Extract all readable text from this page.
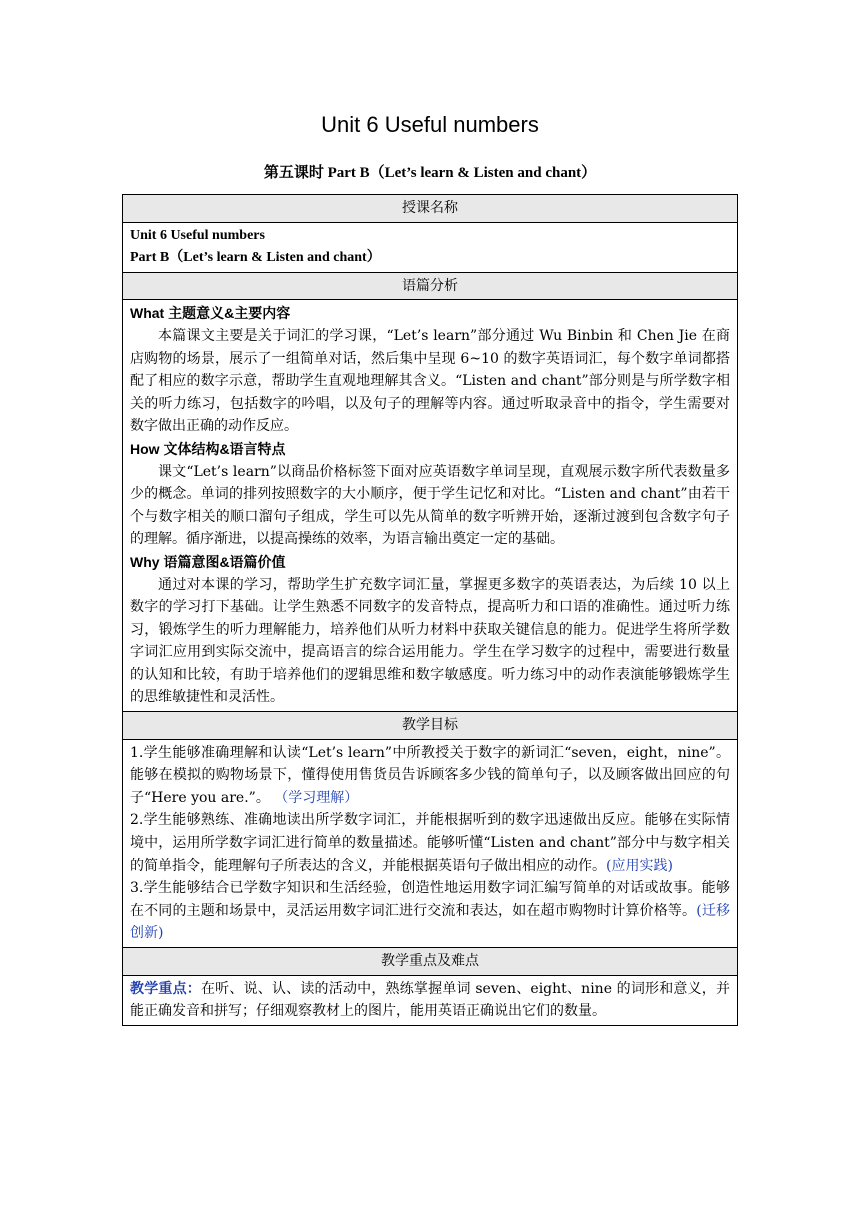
Unit 6 Useful numbers
第五课时 Part B（Let’s learn & Listen and chant）
授课名称

Unit 6 Useful numbers
Part B（Let’s learn & Listen and chant）

语篇分析

What 主题意义&主要内容

本篇课文主要是关于词汇的学习课，“Let’s learn”部分通过 Wu Binbin 和 Chen Jie 在商店购物的场景，展示了一组简单对话，然后集中呈现 6~10 的数字英语词汇，每个数字单词都搭配了相应的数字示意，帮助学生直观地理解其含义。“Listen and chant”部分则是与所学数字相关的听力练习，包括数字的吟唱，以及句子的理解等内容。通过听取录音中的指令，学生需要对数字做出正确的动作反应。

How 文体结构&语言特点

课文“Let’s learn”以商品价格标签下面对应英语数字单词呈现，直观展示数字所代表数量多少的概念。单词的排列按照数字的大小顺序，便于学生记忆和对比。“Listen and chant”由若干个与数字相关的顺口溜句子组成，学生可以先从简单的数字听辨开始，逐渐过渡到包含数字句子的理解。循序渐进，以提高操练的效率，为语言输出奠定一定的基础。

Why 语篇意图&语篇价值

通过对本课的学习，帮助学生扩充数字词汇量，掌握更多数字的英语表达，为后续 10 以上数字的学习打下基础。让学生熟悉不同数字的发音特点，提高听力和口语的准确性。通过听力练习，锻炼学生的听力理解能力，培养他们从听力材料中获取关键信息的能力。促进学生将所学数字词汇应用到实际交流中，提高语言的综合运用能力。学生在学习数字的过程中，需要进行数量的认知和比较，有助于培养他们的逻辑思维和数字敏感度。听力练习中的动作表演能够锻炼学生的思维敏捷性和灵活性。

教学目标

1.学生能够准确理解和认读“Let’s learn”中所教授关于数字的新词汇“seven，eight，nine”。能够在模拟的购物场景下，懂得使用售货员告诉顾客多少钱的简单句子，以及顾客做出回应的句子“Here you are.”。 （学习理解）

2.学生能够熟练、准确地读出所学数字词汇，并能根据听到的数字迅速做出反应。能够在实际情境中，运用所学数字词汇进行简单的数量描述。能够听懂“Listen and chant”部分中与数字相关的简单指令，能理解句子所表达的含义，并能根据英语句子做出相应的动作。(应用实践)

3.学生能够结合已学数字知识和生活经验，创造性地运用数字词汇编写简单的对话或故事。能够在不同的主题和场景中，灵活运用数字词汇进行交流和表达，如在超市购物时计算价格等。(迁移创新)

教学重点及难点

教学重点：在听、说、认、读的活动中，熟练掌握单词 seven、eight、nine 的词形和意义，并能正确发音和拼写；仔细观察教材上的图片，能用英语正确说出它们的数量。
